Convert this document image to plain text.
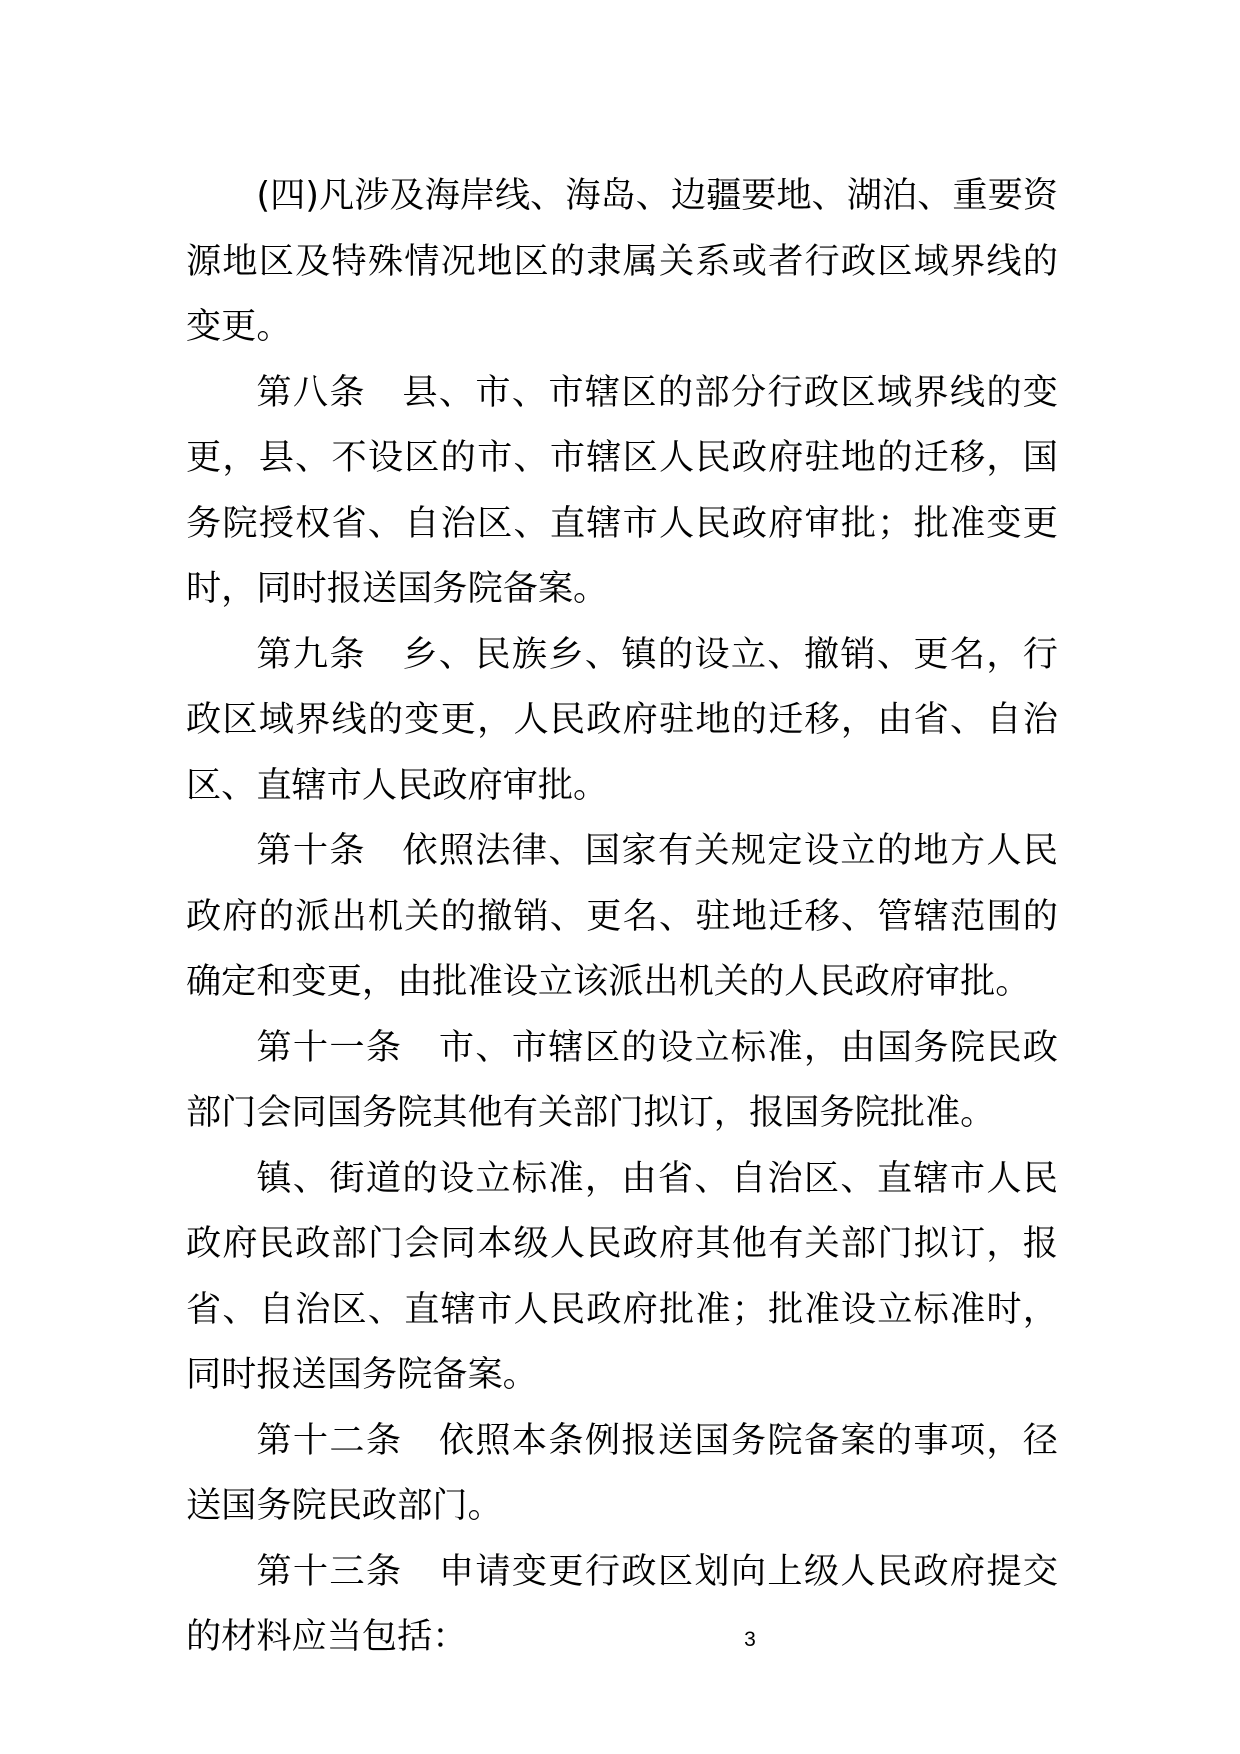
(四)凡涉及海岸线、海岛、边疆要地、湖泊、重要资源地区及特殊情况地区的隶属关系或者行政区域界线的变更。

第八条　县、市、市辖区的部分行政区域界线的变更，县、不设区的市、市辖区人民政府驻地的迁移，国务院授权省、自治区、直辖市人民政府审批；批准变更时，同时报送国务院备案。

第九条　乡、民族乡、镇的设立、撤销、更名，行政区域界线的变更，人民政府驻地的迁移，由省、自治区、直辖市人民政府审批。

第十条　依照法律、国家有关规定设立的地方人民政府的派出机关的撤销、更名、驻地迁移、管辖范围的确定和变更，由批准设立该派出机关的人民政府审批。

第十一条　市、市辖区的设立标准，由国务院民政部门会同国务院其他有关部门拟订，报国务院批准。

镇、街道的设立标准，由省、自治区、直辖市人民政府民政部门会同本级人民政府其他有关部门拟订，报省、自治区、直辖市人民政府批准；批准设立标准时，同时报送国务院备案。

第十二条　依照本条例报送国务院备案的事项，径送国务院民政部门。

第十三条　申请变更行政区划向上级人民政府提交的材料应当包括：	3
